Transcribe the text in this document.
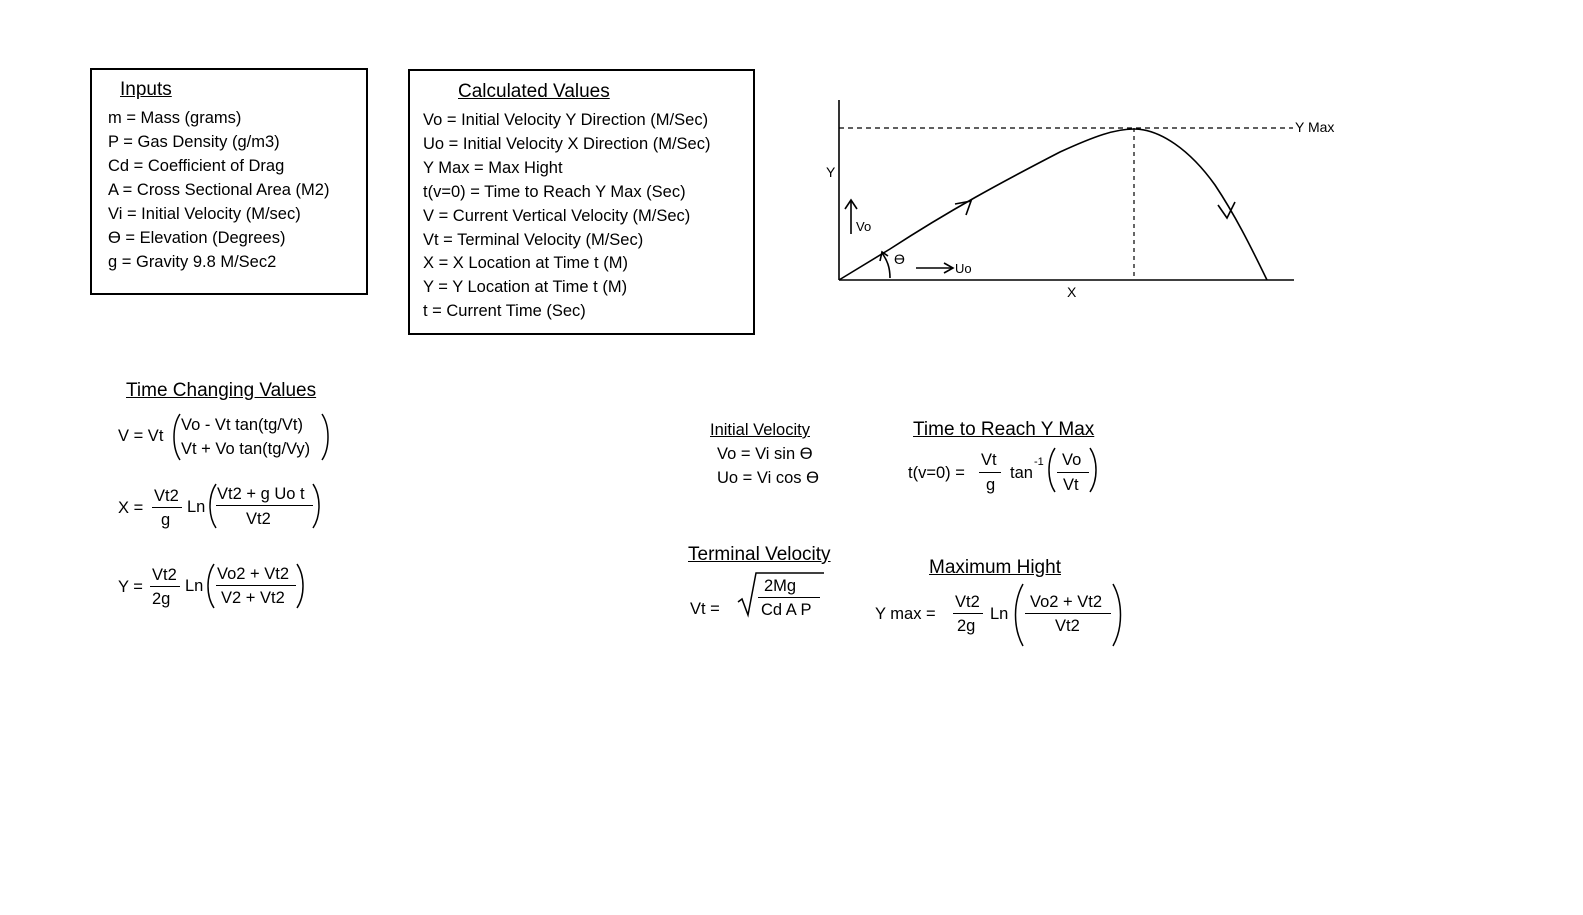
Inputs
m = Mass (grams)
P = Gas Density (g/m3)
Cd = Coefficient of Drag
A = Cross Sectional Area (M2)
Vi = Initial Velocity (M/sec)
Ɵ = Elevation (Degrees)
g = Gravity 9.8 M/Sec2
Calculated Values
Vo = Initial Velocity Y Direction (M/Sec)
Uo = Initial Velocity X Direction (M/Sec)
Y Max = Max Hight
t(v=0) = Time to Reach Y Max (Sec)
V = Current Vertical Velocity (M/Sec)
Vt = Terminal Velocity (M/Sec)
X = X Location at Time t (M)
Y = Y Location at Time t (M)
t = Current Time (Sec)
Y
X
Y Max
Vo
Uo
Ɵ
Time Changing Values
V = Vt
Vo - Vt tan(tg/Vt)
Vt + Vo tan(tg/Vy)
X =
Vt2
g
Ln
Vt2 + g Uo t
Vt2
Y =
Vt2
2g
Ln
Vo2 + Vt2
V2 + Vt2
Initial Velocity
Vo = Vi sin Ɵ
Uo = Vi cos Ɵ
Time to Reach Y Max
t(v=0) =
Vt
g
tan
-1 Vo
Vt
Terminal Velocity
Vt =
2Mg
Cd A P
Maximum Hight
Y max =
Vt2
2g
Ln
Vo2 + Vt2
Vt2
